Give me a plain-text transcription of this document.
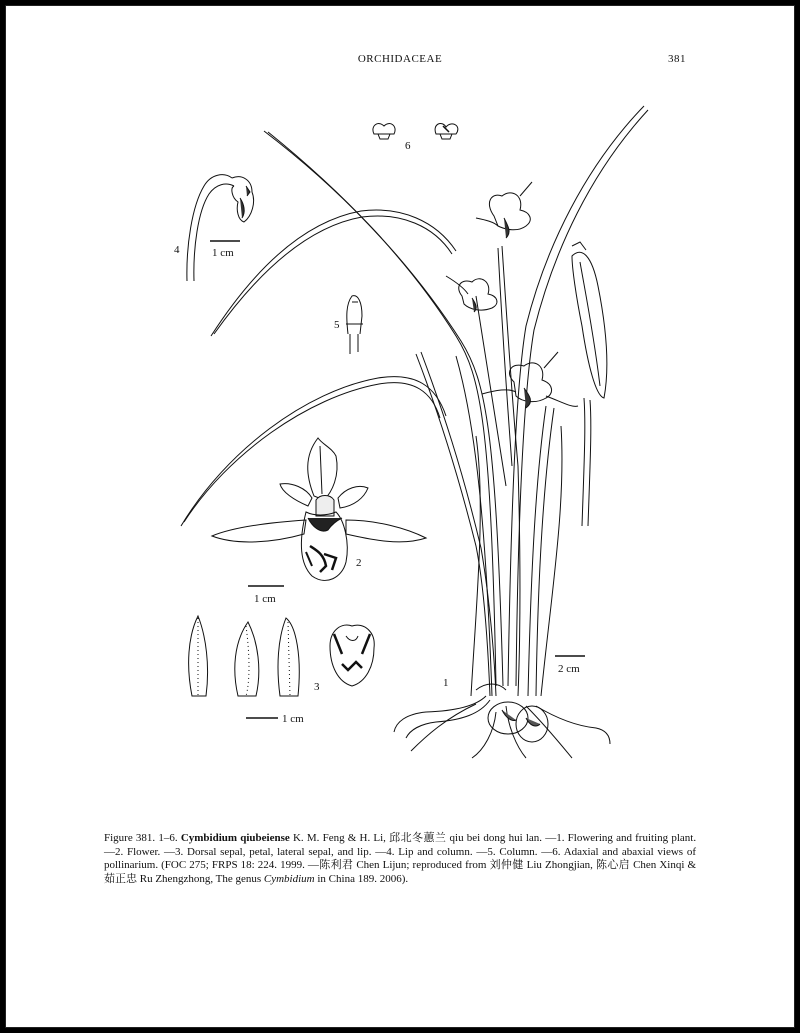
ORCHIDACEAE	381
6
4	1 cm
5
1
2 cm
2
1 cm
3
1 cm
Figure 381. 1–6. Cymbidium qiubeiense K. M. Feng & H. Li, 邱北冬蕙兰 qiu bei dong hui lan. —1. Flowering and fruiting plant. —2. Flower. —3. Dorsal sepal, petal, lateral sepal, and lip. —4. Lip and column. —5. Column. —6. Adaxial and abaxial views of pollinarium. (FOC 275; FRPS 18: 224. 1999. —陈利君 Chen Lijun; reproduced from 刘仲健 Liu Zhongjian, 陈心启 Chen Xinqi & 茹正忠 Ru Zhengzhong, The genus Cymbidium in China 189. 2006).
